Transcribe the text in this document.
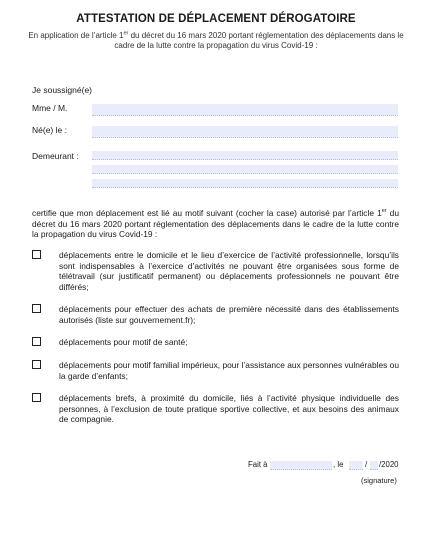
ATTESTATION DE DÉPLACEMENT DÉROGATOIRE
En application de l’article 1er du décret du 16 mars 2020 portant réglementation des déplacements dans le cadre de la lutte contre la propagation du virus Covid-19 :
Je soussigné(e)
Mme / M.
Né(e) le :
Demeurant :
certifie que mon déplacement est lié au motif suivant (cocher la case) autorisé par l’article 1er du décret du 16 mars 2020 portant réglementation des déplacements dans le cadre de la lutte contre la propagation du virus Covid-19 :
déplacements entre le domicile et le lieu d’exercice de l’activité professionnelle, lorsqu’ils sont indispensables à l’exercice d’activités ne pouvant être organisées sous forme de télétravail (sur justificatif permanent) ou déplacements professionnels ne pouvant être différés;
déplacements pour effectuer des achats de première nécessité dans des établissements autorisés (liste sur gouvernement.fr);
déplacements pour motif de santé;
déplacements pour motif familial impérieux, pour l’assistance aux personnes vulnérables ou la garde d’enfants;
déplacements brefs, à proximité du domicile, liés à l’activité physique individuelle des personnes, à l’exclusion de toute pratique sportive collective, et aux besoins des animaux de compagnie.
Fait à	, le	/ /2020
(signature)
